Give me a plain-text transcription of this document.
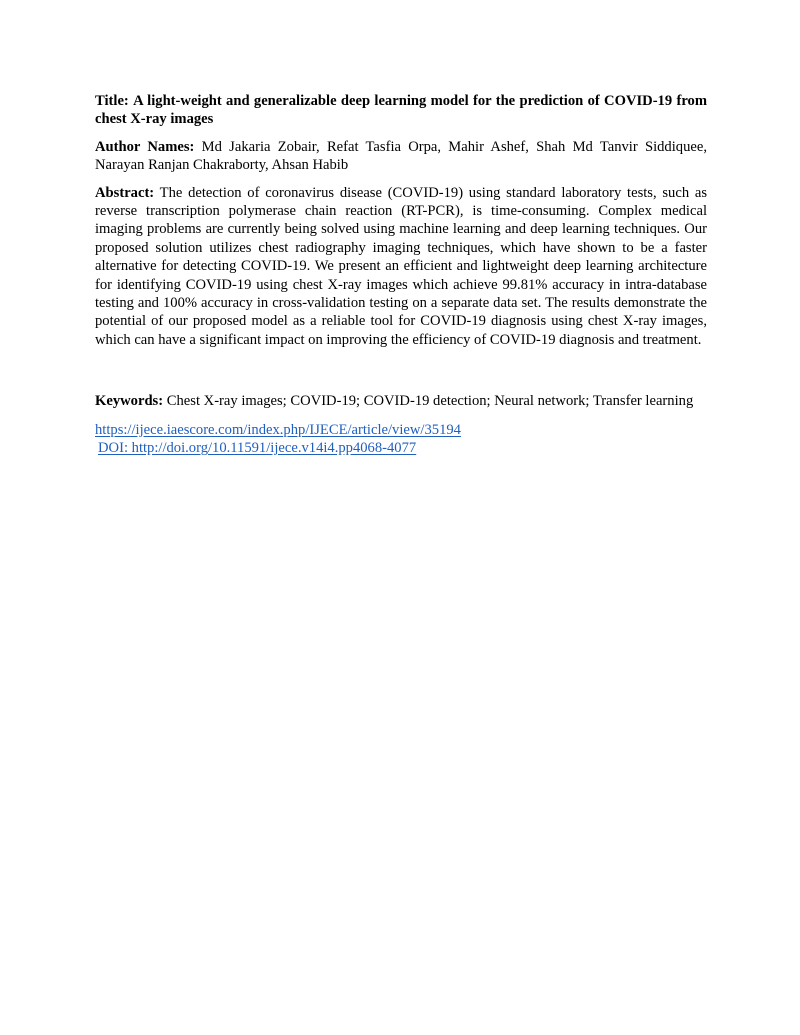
Title: A light-weight and generalizable deep learning model for the prediction of COVID-19 from chest X-ray images

Author Names: Md Jakaria Zobair, Refat Tasfia Orpa, Mahir Ashef, Shah Md Tanvir Siddiquee, Narayan Ranjan Chakraborty, Ahsan Habib

Abstract: The detection of coronavirus disease (COVID-19) using standard laboratory tests, such as reverse transcription polymerase chain reaction (RT-PCR), is time-consuming. Complex medical imaging problems are currently being solved using machine learning and deep learning techniques. Our proposed solution utilizes chest radiography imaging techniques, which have shown to be a faster alternative for detecting COVID-19. We present an efficient and lightweight deep learning architecture for identifying COVID-19 using chest X-ray images which achieve 99.81% accuracy in intra-database testing and 100% accuracy in cross-validation testing on a separate data set. The results demonstrate the potential of our proposed model as a reliable tool for COVID-19 diagnosis using chest X-ray images, which can have a significant impact on improving the efficiency of COVID-19 diagnosis and treatment.

Keywords: Chest X-ray images; COVID-19; COVID-19 detection; Neural network; Transfer learning

https://ijece.iaescore.com/index.php/IJECE/article/view/35194
DOI: http://doi.org/10.11591/ijece.v14i4.pp4068-4077
